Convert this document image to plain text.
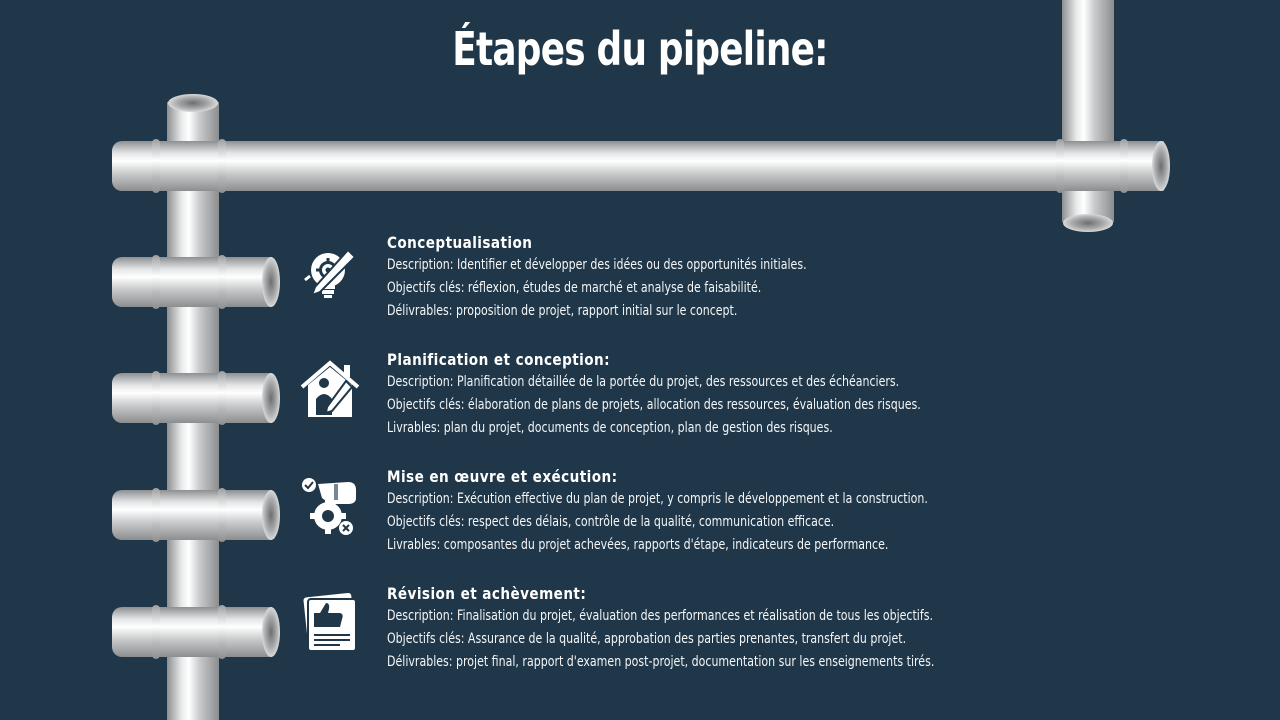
Étapes du pipeline:
Conceptualisation
Description: Identifier et développer des idées ou des opportunités initiales.
Objectifs clés: réflexion, études de marché et analyse de faisabilité.
Délivrables: proposition de projet, rapport initial sur le concept.
Planification et conception:
Description: Planification détaillée de la portée du projet, des ressources et des échéanciers.
Objectifs clés: élaboration de plans de projets, allocation des ressources, évaluation des risques.
Livrables: plan du projet, documents de conception, plan de gestion des risques.
Mise en œuvre et exécution:
Description: Exécution effective du plan de projet, y compris le développement et la construction.
Objectifs clés: respect des délais, contrôle de la qualité, communication efficace.
Livrables: composantes du projet achevées, rapports d'étape, indicateurs de performance.
Révision et achèvement:
Description: Finalisation du projet, évaluation des performances et réalisation de tous les objectifs.
Objectifs clés: Assurance de la qualité, approbation des parties prenantes, transfert du projet.
Délivrables: projet final, rapport d'examen post-projet, documentation sur les enseignements tirés.
